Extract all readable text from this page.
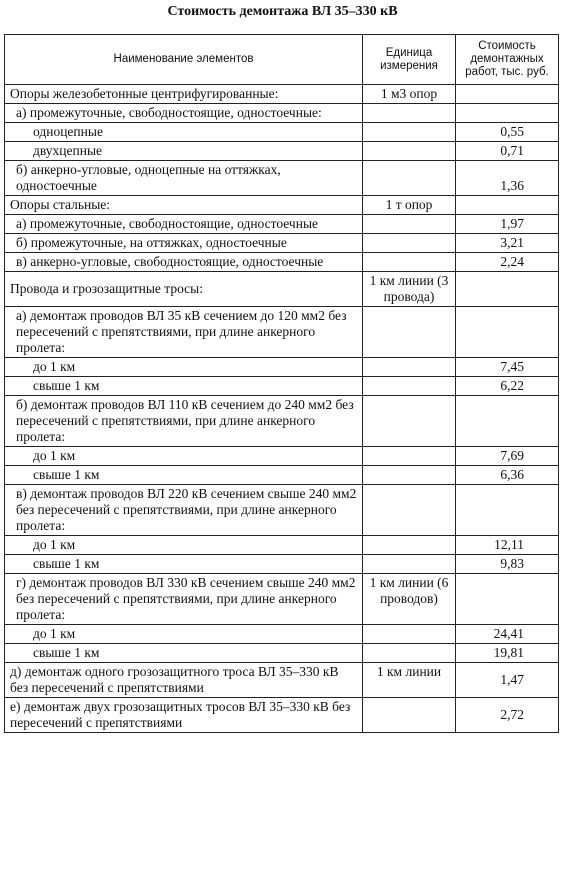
Стоимость демонтажа ВЛ 35–330 кВ
Наименование элементов	Единица измерения	Стоимость демонтажных работ, тыс. руб.
Опоры железобетонные центрифугированные:	1 м3 опор	
а) промежуточные, свободностоящие, одностоечные:		
одноцепные		0,55
двухцепные		0,71
б) анкерно-угловые, одноцепные на оттяжках, одностоечные		1,36
Опоры стальные:	1 т опор	
а) промежуточные, свободностоящие, одностоечные		1,97
б) промежуточные, на оттяжках, одностоечные		3,21
в) анкерно-угловые, свободностоящие, одностоечные		2,24
Провода и грозозащитные тросы:	1 км линии (3 провода)	
а) демонтаж проводов ВЛ 35 кВ сечением до 120 мм2 без пересечений с препятствиями, при длине анкерного пролета:		
до 1 км		7,45
свыше 1 км		6,22
б) демонтаж проводов ВЛ 110 кВ сечением до 240 мм2 без пересечений с препятствиями, при длине анкерного пролета:		
до 1 км		7,69
свыше 1 км		6,36
в) демонтаж проводов ВЛ 220 кВ сечением свыше 240 мм2 без пересечений с препятствиями, при длине анкерного пролета:		
до 1 км		12,11
свыше 1 км		9,83
г) демонтаж проводов ВЛ 330 кВ сечением свыше 240 мм2 без пересечений с препятствиями, при длине анкерного пролета:	1 км линии (6 проводов)	
до 1 км		24,41
свыше 1 км		19,81
д) демонтаж одного грозозащитного троса ВЛ 35–330 кВ без пересечений с препятствиями	1 км линии	1,47
е) демонтаж двух грозозащитных тросов ВЛ 35–330 кВ без пересечений с препятствиями		2,72
